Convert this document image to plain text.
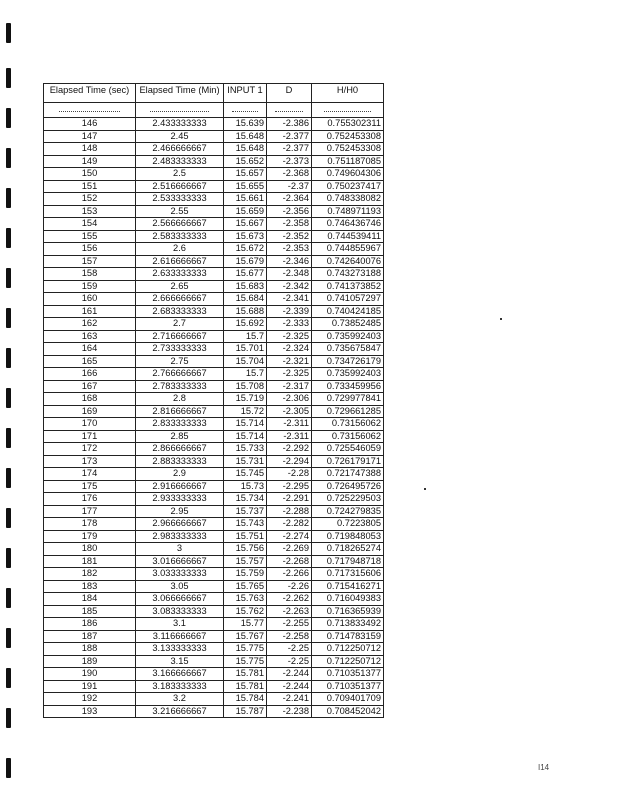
Elapsed Time (sec)	Elapsed Time (Min)	INPUT 1	D	H/H0

146	2.433333333	15.639	-2.386	0.755302311
147	2.45	15.648	-2.377	0.752453308
148	2.466666667	15.648	-2.377	0.752453308
149	2.483333333	15.652	-2.373	0.751187085
150	2.5	15.657	-2.368	0.749604306
151	2.516666667	15.655	-2.37	0.750237417
152	2.533333333	15.661	-2.364	0.748338082
153	2.55	15.659	-2.356	0.748971193
154	2.566666667	15.667	-2.358	0.746436746
155	2.583333333	15.673	-2.352	0.744539411
156	2.6	15.672	-2.353	0.744855967
157	2.616666667	15.679	-2.346	0.742640076
158	2.633333333	15.677	-2.348	0.743273188
159	2.65	15.683	-2.342	0.741373852
160	2.666666667	15.684	-2.341	0.741057297
161	2.683333333	15.688	-2.339	0.740424185
162	2.7	15.692	-2.333	0.73852485
163	2.716666667	15.7	-2.325	0.735992403
164	2.733333333	15.701	-2.324	0.735675847
165	2.75	15.704	-2.321	0.734726179
166	2.766666667	15.7	-2.325	0.735992403
167	2.783333333	15.708	-2.317	0.733459956
168	2.8	15.719	-2.306	0.729977841
169	2.816666667	15.72	-2.305	0.729661285
170	2.833333333	15.714	-2.311	0.73156062
171	2.85	15.714	-2.311	0.73156062
172	2.866666667	15.733	-2.292	0.725546059
173	2.883333333	15.731	-2.294	0.726179171
174	2.9	15.745	-2.28	0.721747388
175	2.916666667	15.73	-2.295	0.726495726
176	2.933333333	15.734	-2.291	0.725229503
177	2.95	15.737	-2.288	0.724279835
178	2.966666667	15.743	-2.282	0.7223805
179	2.983333333	15.751	-2.274	0.719848053
180	3	15.756	-2.269	0.718265274
181	3.016666667	15.757	-2.268	0.717948718
182	3.033333333	15.759	-2.266	0.717315606
183	3.05	15.765	-2.26	0.715416271
184	3.066666667	15.763	-2.262	0.716049383
185	3.083333333	15.762	-2.263	0.716365939
186	3.1	15.77	-2.255	0.713833492
187	3.116666667	15.767	-2.258	0.714783159
188	3.133333333	15.775	-2.25	0.712250712
189	3.15	15.775	-2.25	0.712250712
190	3.166666667	15.781	-2.244	0.710351377
191	3.183333333	15.781	-2.244	0.710351377
192	3.2	15.784	-2.241	0.709401709
193	3.216666667	15.787	-2.238	0.708452042
I14
